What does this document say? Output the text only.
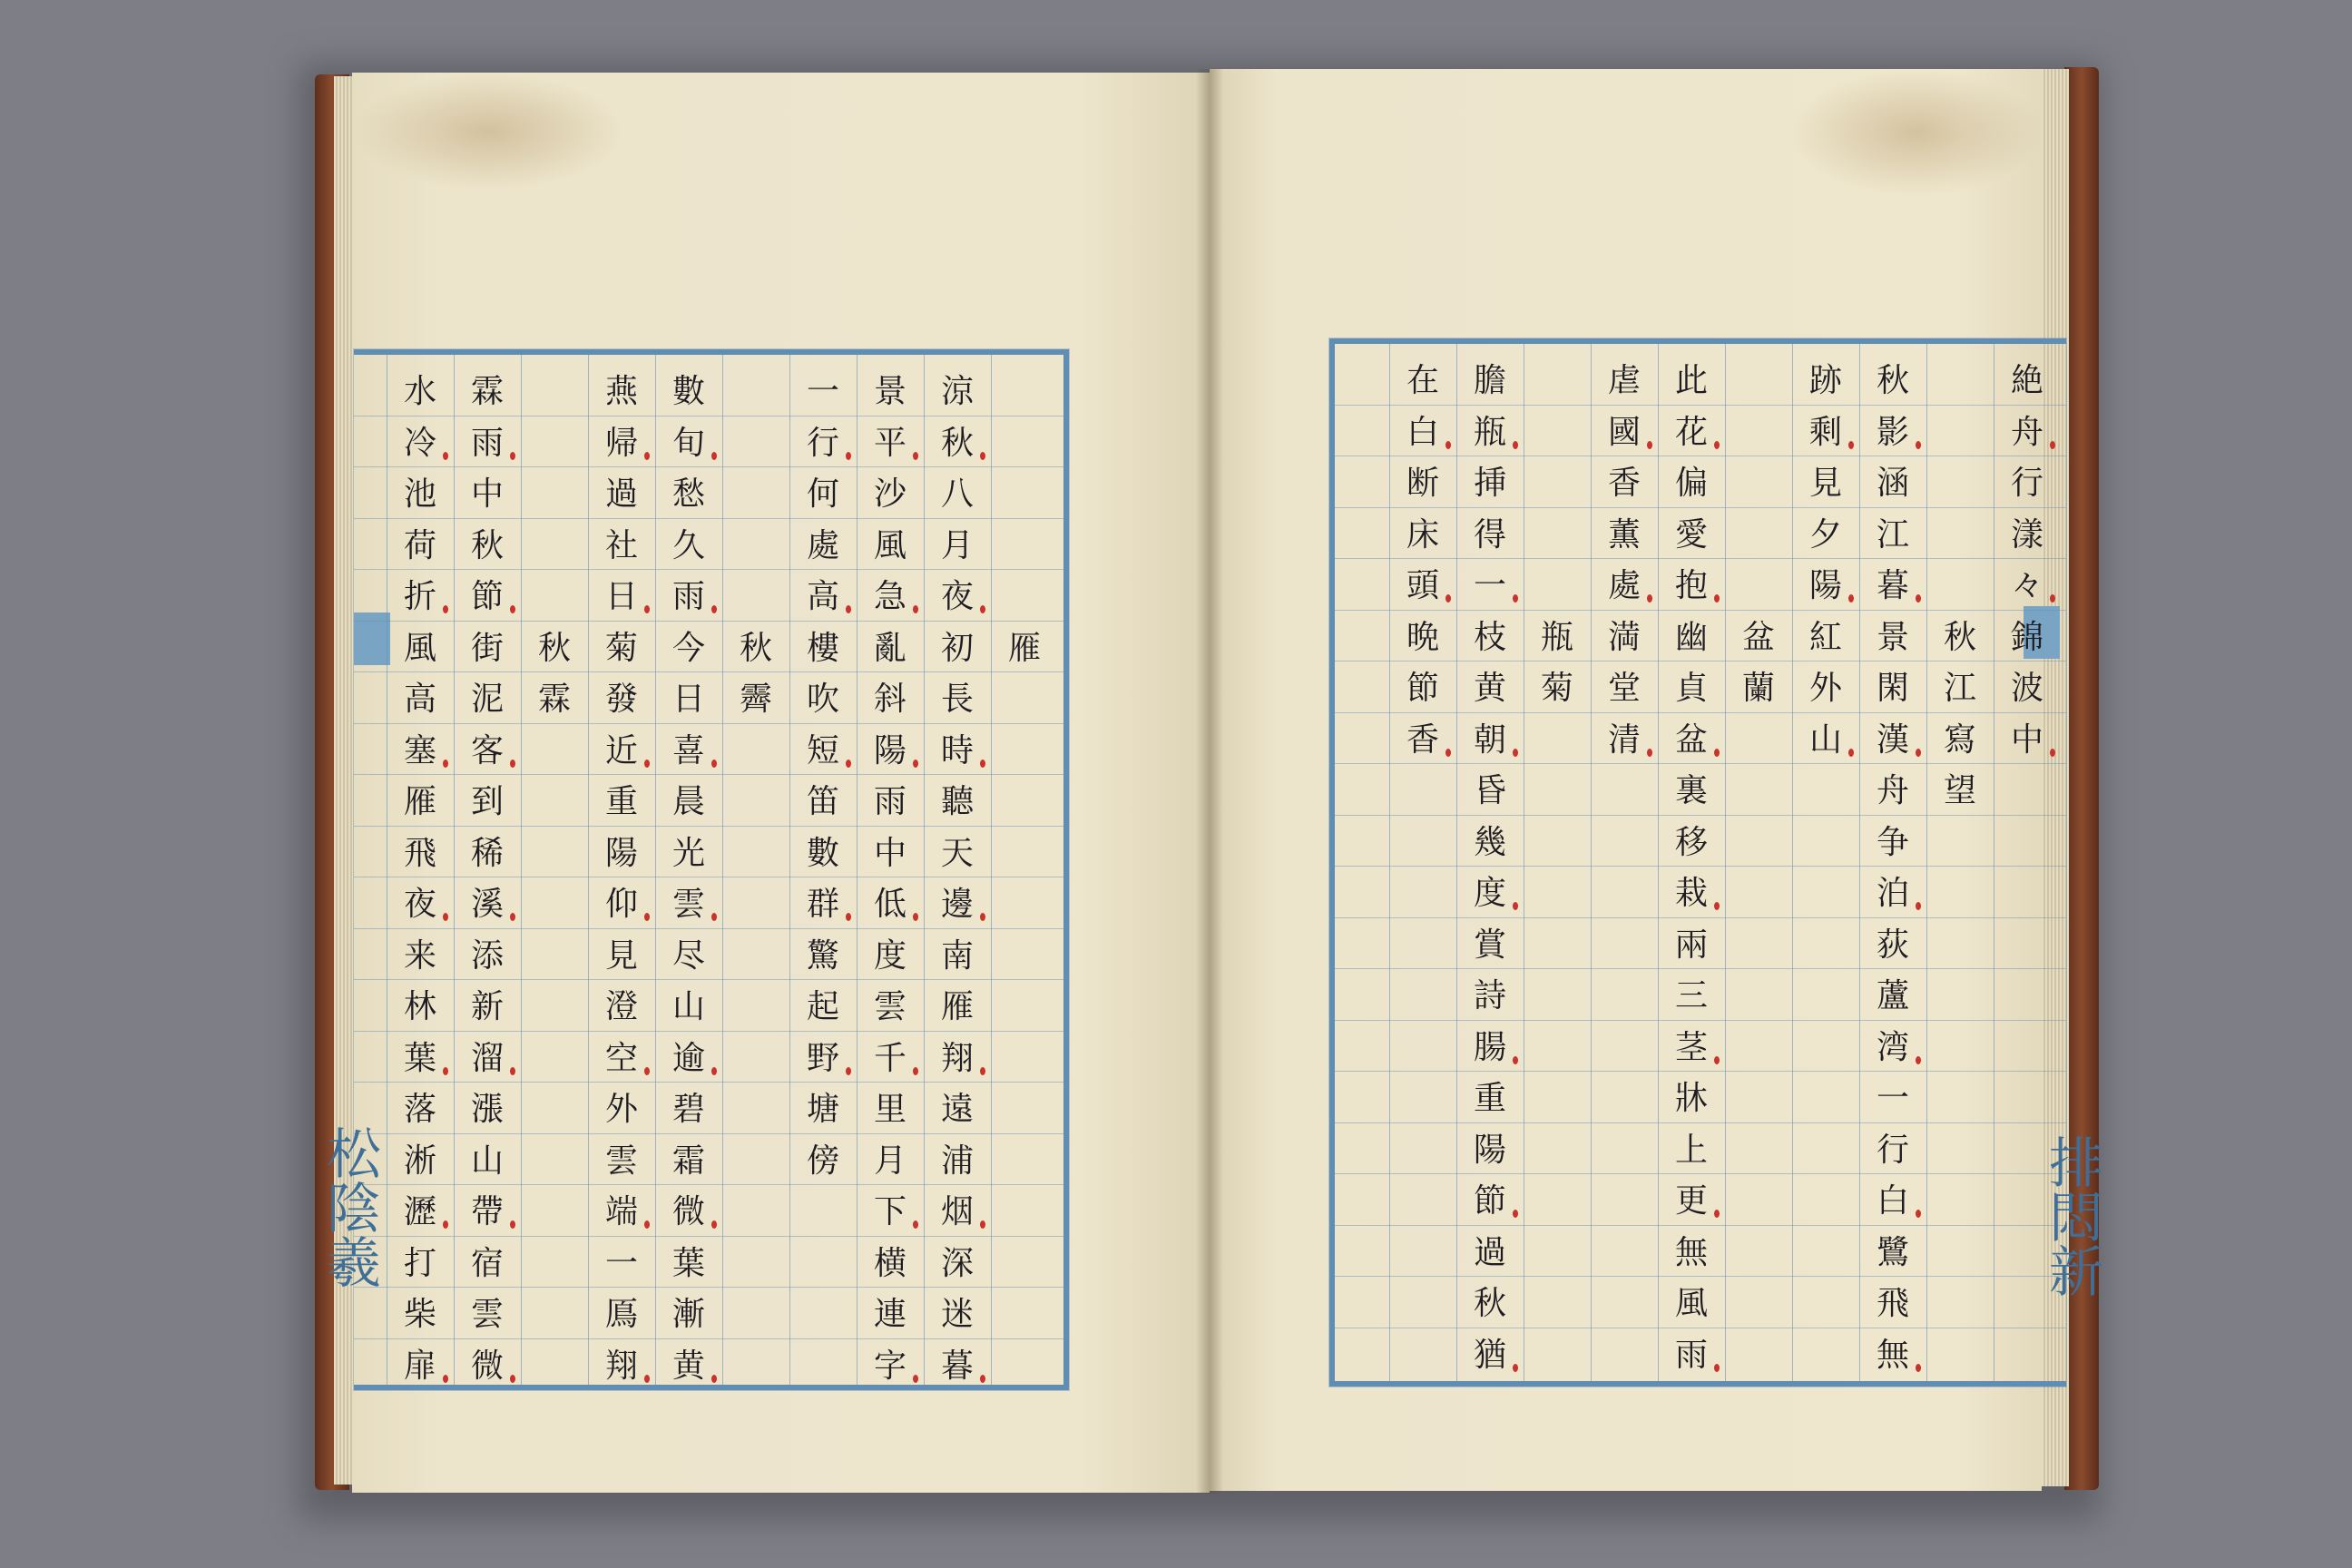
雁
涼
秋
八
月
夜
初
長
時
聽
天
邊
南
雁
翔
遠
浦
烟
深
迷
暮
景
平
沙
風
急
亂
斜
陽
雨
中
低
度
雲
千
里
月
下
横
連
字
一
行
何
處
高
樓
吹
短
笛
數
群
驚
起
野
塘
傍
秋
霽
數
旬
愁
久
雨
今
日
喜
晨
光
雲
尽
山
逾
碧
霜
微
葉
漸
黄
燕
帰
過
社
日
菊
發
近
重
陽
仰
見
澄
空
外
雲
端
一
鳫
翔
秋
霖
霖
雨
中
秋
節
街
泥
客
到
稀
溪
添
新
溜
漲
山
帶
宿
雲
微
水
冷
池
荷
折
風
高
塞
雁
飛
夜
来
林
葉
落
淅
瀝
打
柴
扉
絶
舟
行
漾
々
錦
波
中
秋
江
寫
望
秋
影
涵
江
暮
景
閑
漢
舟
争
泊
荻
蘆
湾
一
行
白
鷺
飛
無
跡
剩
見
夕
陽
紅
外
山
盆
蘭
此
花
偏
愛
抱
幽
貞
盆
裏
移
栽
兩
三
茎
牀
上
更
無
風
雨
虐
國
香
薫
處
満
堂
清
瓶
菊
膽
瓶
挿
得
一
枝
黄
朝
昏
幾
度
賞
詩
腸
重
陽
節
過
秋
猶
在
白
断
床
頭
晩
節
香
松陰羲	排悶新
